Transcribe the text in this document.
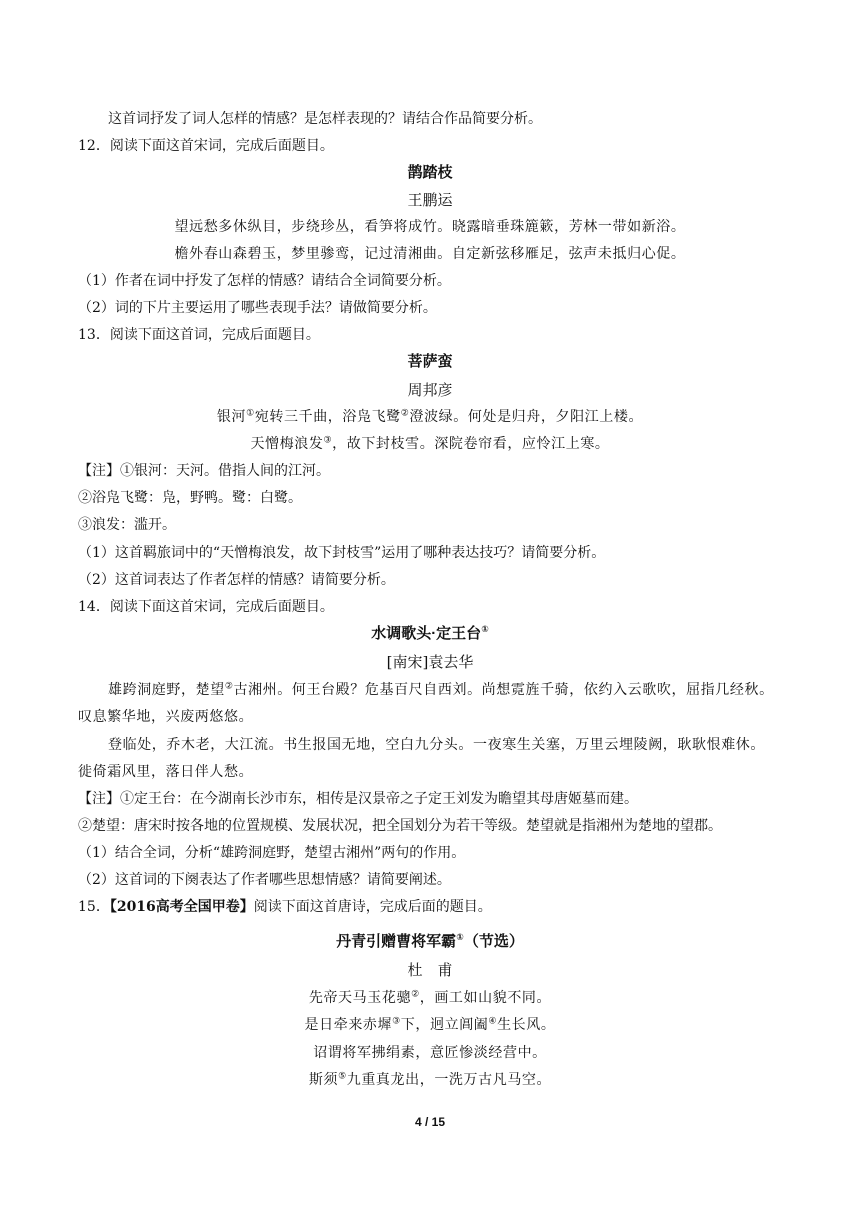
这首词抒发了词人怎样的情感？是怎样表现的？请结合作品简要分析。
12．阅读下面这首宋词，完成后面题目。
鹊踏枝
王鹏运
望远愁多休纵目，步绕珍丛，看笋将成竹。晓露暗垂珠簏簌，芳林一带如新浴。
檐外春山森碧玉，梦里骖鸾，记过清湘曲。自定新弦移雁足，弦声未抵归心促。
（1）作者在词中抒发了怎样的情感？请结合全词简要分析。
（2）词的下片主要运用了哪些表现手法？请做简要分析。
13．阅读下面这首词，完成后面题目。
菩萨蛮
周邦彦
银河①宛转三千曲，浴凫飞鹭②澄波绿。何处是归舟，夕阳江上楼。
天憎梅浪发③，故下封枝雪。深院卷帘看，应怜江上寒。
【注】①银河：天河。借指人间的江河。
②浴凫飞鹭：凫，野鸭。鹭：白鹭。
③浪发：滥开。
（1）这首羁旅词中的“天憎梅浪发，故下封枝雪”运用了哪种表达技巧？请简要分析。
（2）这首词表达了作者怎样的情感？请简要分析。
14．阅读下面这首宋词，完成后面题目。
水调歌头·定王台①
[南宋]袁去华
雄跨洞庭野，楚望②古湘州。何王台殿？危基百尺自西刘。尚想霓旌千骑，依约入云歌吹，屈指几经秋。
叹息繁华地，兴废两悠悠。
登临处，乔木老，大江流。书生报国无地，空白九分头。一夜寒生关塞，万里云埋陵阙，耿耿恨难休。
徙倚霜风里，落日伴人愁。
【注】①定王台：在今湖南长沙市东，相传是汉景帝之子定王刘发为瞻望其母唐姬墓而建。
②楚望：唐宋时按各地的位置规模、发展状况，把全国划分为若干等级。楚望就是指湘州为楚地的望郡。
（1）结合全词，分析“雄跨洞庭野，楚望古湘州”两句的作用。
（2）这首词的下阕表达了作者哪些思想情感？请简要阐述。
15．【2016高考全国甲卷】阅读下面这首唐诗，完成后面的题目。
丹青引赠曹将军霸①（节选）
杜　甫
先帝天马玉花骢②，画工如山貌不同。
是日牵来赤墀③下，迥立阊阖④生长风。
诏谓将军拂绢素，意匠惨淡经营中。
斯须⑤九重真龙出，一洗万古凡马空。
4 / 15
